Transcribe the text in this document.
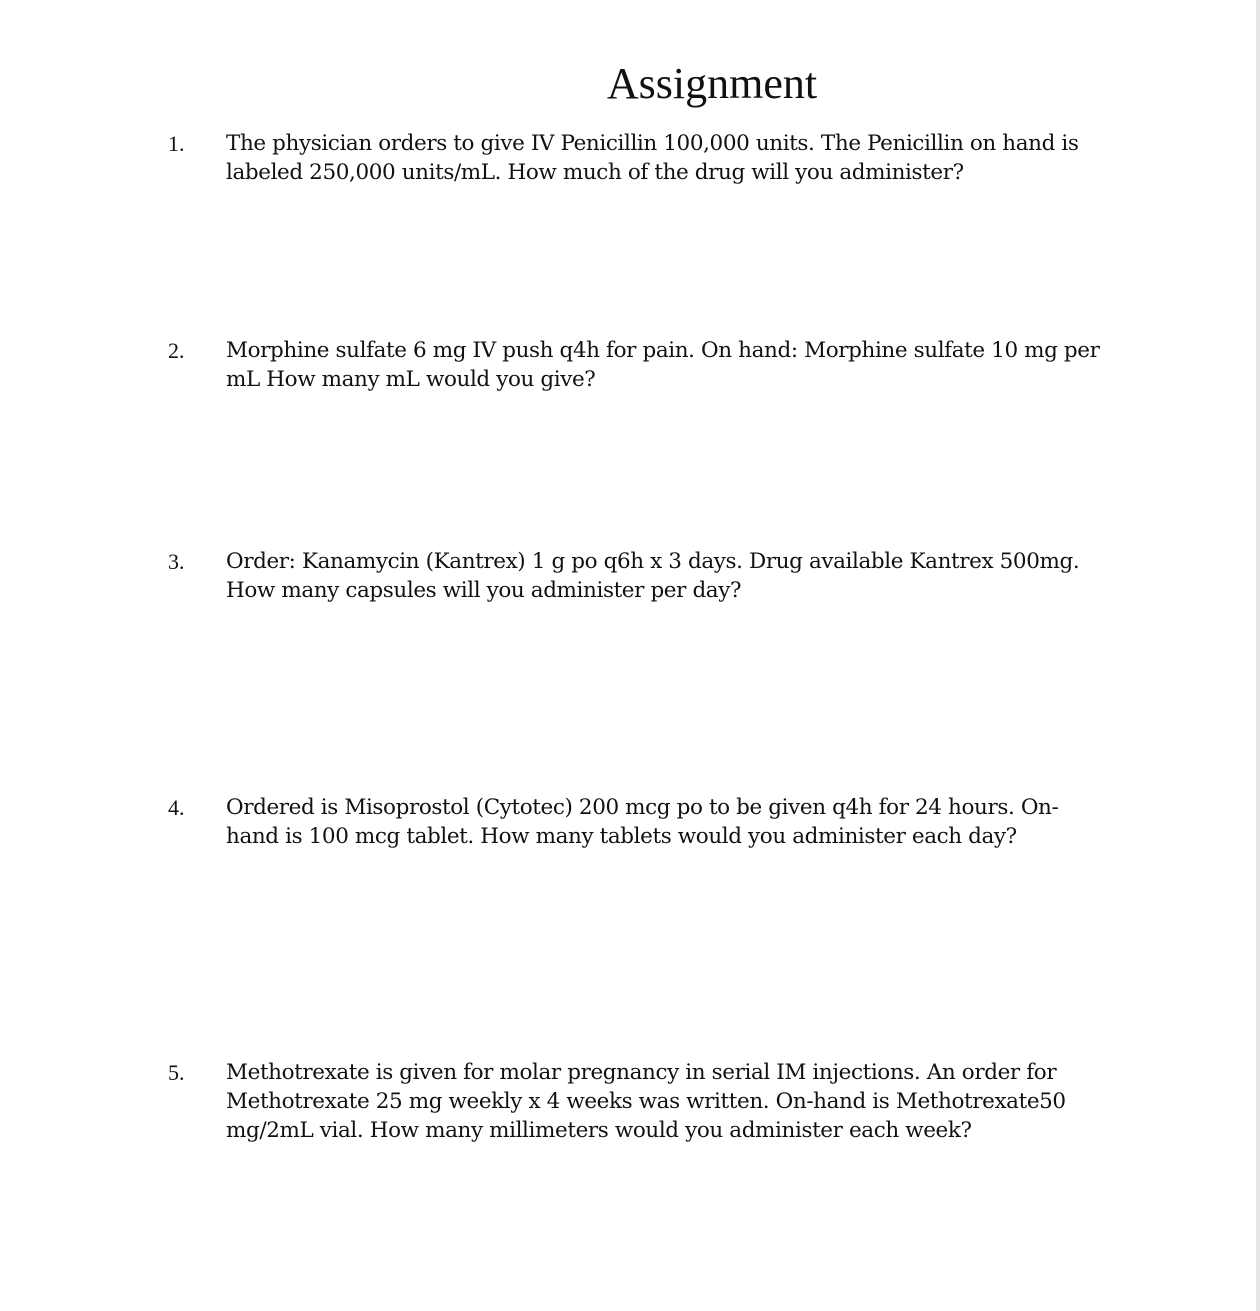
Assignment
1. The physician orders to give IV Penicillin 100,000 units. The Penicillin on hand is
labeled 250,000 units/mL. How much of the drug will you administer?
2. Morphine sulfate 6 mg IV push q4h for pain. On hand: Morphine sulfate 10 mg per
mL How many mL would you give?
3. Order: Kanamycin (Kantrex) 1 g po q6h x 3 days. Drug available Kantrex 500mg.
How many capsules will you administer per day?
4. Ordered is Misoprostol (Cytotec) 200 mcg po to be given q4h for 24 hours. On-
hand is 100 mcg tablet. How many tablets would you administer each day?
5. Methotrexate is given for molar pregnancy in serial IM injections. An order for
Methotrexate 25 mg weekly x 4 weeks was written. On-hand is Methotrexate50
mg/2mL vial. How many millimeters would you administer each week?
